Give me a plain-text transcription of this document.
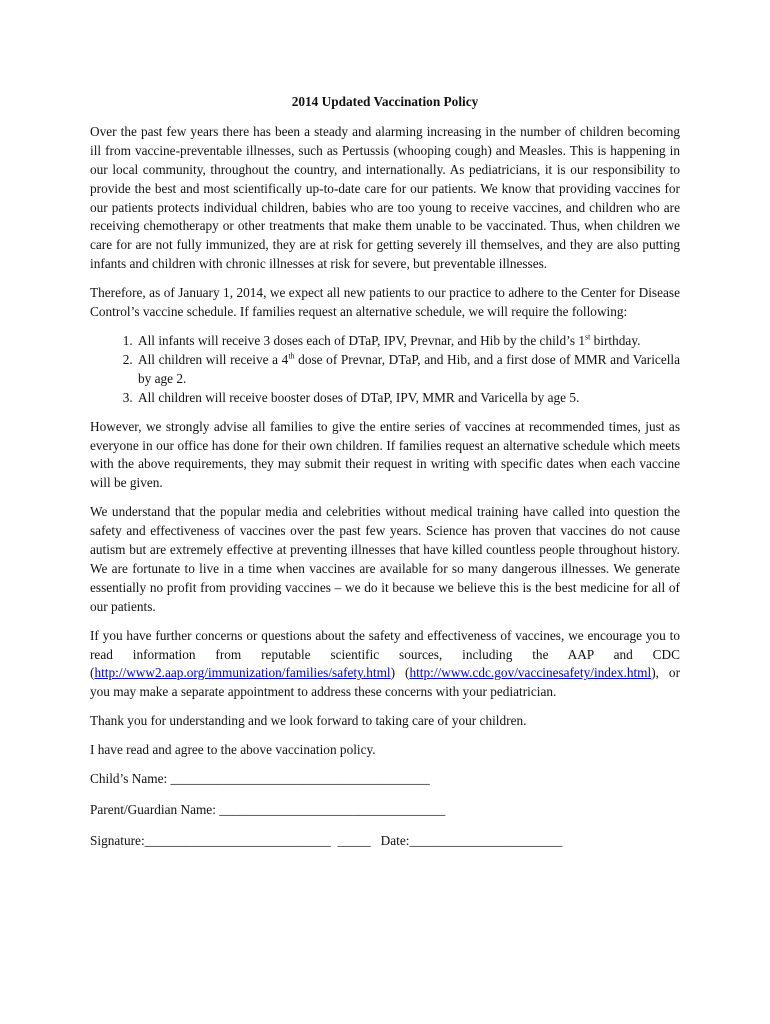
2014 Updated Vaccination Policy

Over the past few years there has been a steady and alarming increasing in the number of children becoming ill from vaccine-preventable illnesses, such as Pertussis (whooping cough) and Measles. This is happening in our local community, throughout the country, and internationally. As pediatricians, it is our responsibility to provide the best and most scientifically up-to-date care for our patients. We know that providing vaccines for our patients protects individual children, babies who are too young to receive vaccines, and children who are receiving chemotherapy or other treatments that make them unable to be vaccinated. Thus, when children we care for are not fully immunized, they are at risk for getting severely ill themselves, and they are also putting infants and children with chronic illnesses at risk for severe, but preventable illnesses.

Therefore, as of January 1, 2014, we expect all new patients to our practice to adhere to the Center for Disease Control’s vaccine schedule. If families request an alternative schedule, we will require the following:

1. All infants will receive 3 doses each of DTaP, IPV, Prevnar, and Hib by the child’s 1st birthday.
2. All children will receive a 4th dose of Prevnar, DTaP, and Hib, and a first dose of MMR and Varicella by age 2.
3. All children will receive booster doses of DTaP, IPV, MMR and Varicella by age 5.

However, we strongly advise all families to give the entire series of vaccines at recommended times, just as everyone in our office has done for their own children. If families request an alternative schedule which meets with the above requirements, they may submit their request in writing with specific dates when each vaccine will be given.

We understand that the popular media and celebrities without medical training have called into question the safety and effectiveness of vaccines over the past few years. Science has proven that vaccines do not cause autism but are extremely effective at preventing illnesses that have killed countless people throughout history. We are fortunate to live in a time when vaccines are available for so many dangerous illnesses. We generate essentially no profit from providing vaccines – we do it because we believe this is the best medicine for all of our patients.

If you have further concerns or questions about the safety and effectiveness of vaccines, we encourage you to read information from reputable scientific sources, including the AAP and CDC (http://www2.aap.org/immunization/families/safety.html) (http://www.cdc.gov/vaccinesafety/index.html), or you may make a separate appointment to address these concerns with your pediatrician.

Thank you for understanding and we look forward to taking care of your children.

I have read and agree to the above vaccination policy.

Child’s Name: _______________________________________
Parent/Guardian Name: __________________________________
Signature:____________________________  _____   Date:_______________________
